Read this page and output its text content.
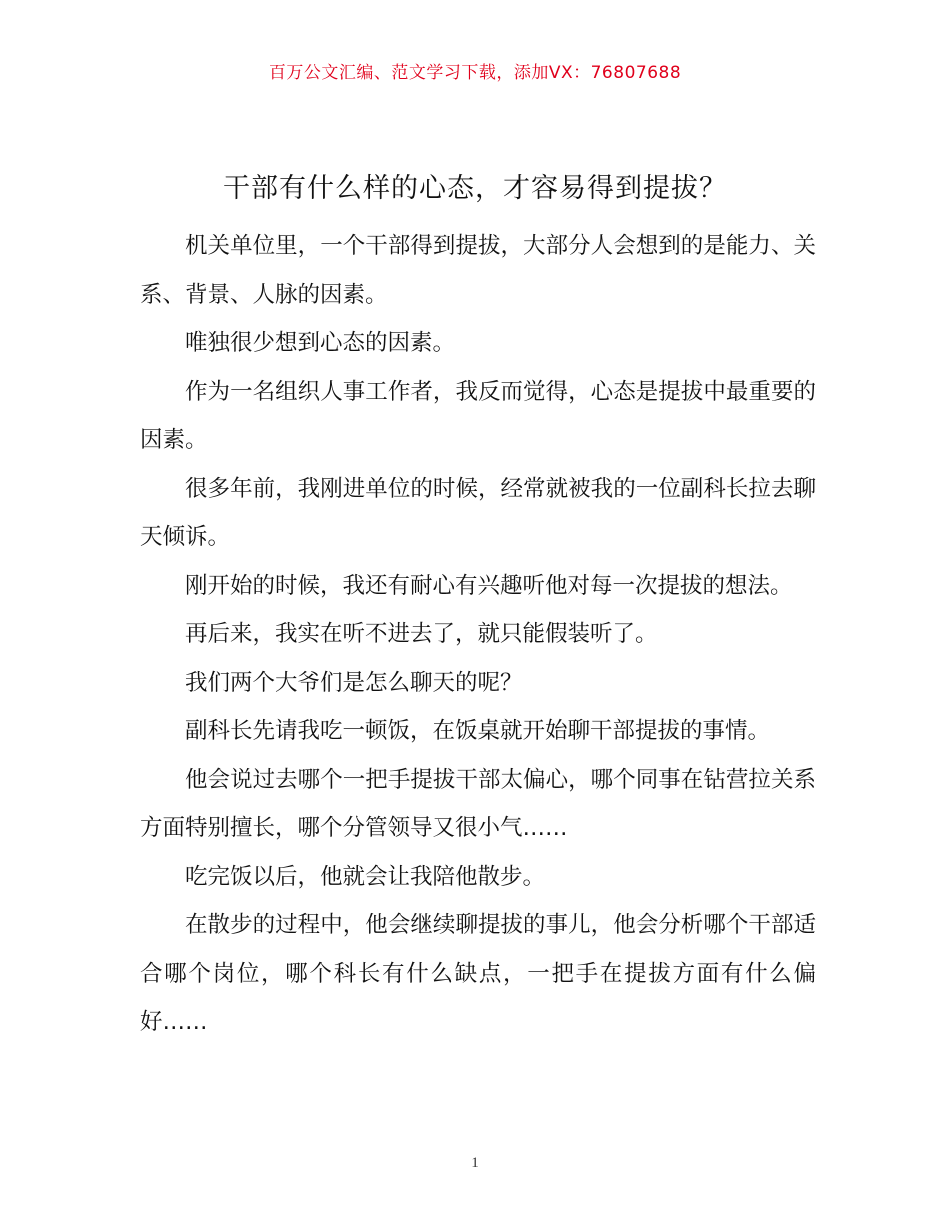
百万公文汇编、范文学习下载，添加VX：76807688
干部有什么样的心态，才容易得到提拔？

机关单位里，一个干部得到提拔，大部分人会想到的是能力、关系、背景、人脉的因素。

唯独很少想到心态的因素。

作为一名组织人事工作者，我反而觉得，心态是提拔中最重要的因素。

很多年前，我刚进单位的时候，经常就被我的一位副科长拉去聊天倾诉。

刚开始的时候，我还有耐心有兴趣听他对每一次提拔的想法。

再后来，我实在听不进去了，就只能假装听了。

我们两个大爷们是怎么聊天的呢？

副科长先请我吃一顿饭，在饭桌就开始聊干部提拔的事情。

他会说过去哪个一把手提拔干部太偏心，哪个同事在钻营拉关系方面特别擅长，哪个分管领导又很小气……

吃完饭以后，他就会让我陪他散步。

在散步的过程中，他会继续聊提拔的事儿，他会分析哪个干部适合哪个岗位，哪个科长有什么缺点，一把手在提拔方面有什么偏好……

1
